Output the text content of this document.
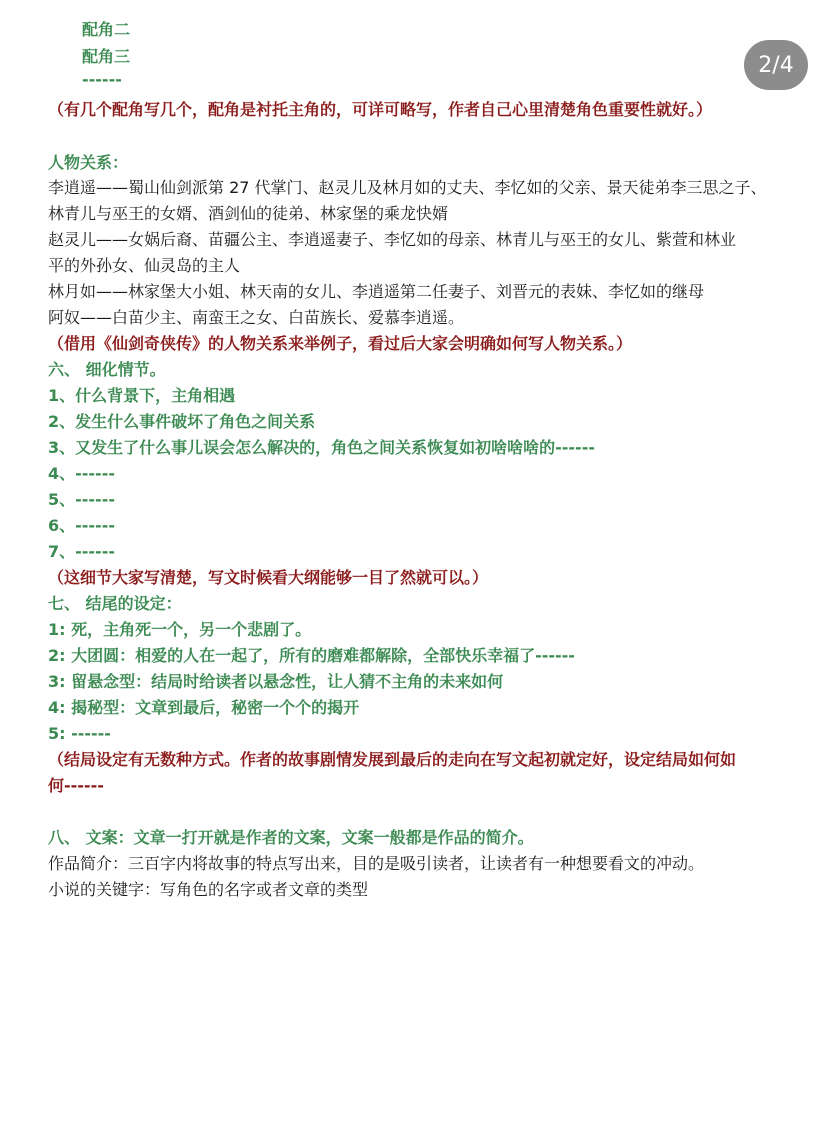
配角二
配角三
------
（有几个配角写几个，配角是衬托主角的，可详可略写，作者自己心里清楚角色重要性就好。）
人物关系：
李逍遥——蜀山仙剑派第 27 代掌门、赵灵儿及林月如的丈夫、李忆如的父亲、景天徒弟李三思之子、
林青儿与巫王的女婿、酒剑仙的徒弟、林家堡的乘龙快婿
赵灵儿——女娲后裔、苗疆公主、李逍遥妻子、李忆如的母亲、林青儿与巫王的女儿、紫萱和林业
平的外孙女、仙灵岛的主人
林月如——林家堡大小姐、林天南的女儿、李逍遥第二任妻子、刘晋元的表妹、李忆如的继母
阿奴——白苗少主、南蛮王之女、白苗族长、爱慕李逍遥。
（借用《仙剑奇侠传》的人物关系来举例子，看过后大家会明确如何写人物关系。）
六、 细化情节。
1、什么背景下，主角相遇
2、发生什么事件破坏了角色之间关系
3、又发生了什么事儿误会怎么解决的，角色之间关系恢复如初啥啥啥的------
4、------
5、------
6、------
7、------
（这细节大家写清楚，写文时候看大纲能够一目了然就可以。）
七、 结尾的设定：
1: 死，主角死一个，另一个悲剧了。
2: 大团圆：相爱的人在一起了，所有的磨难都解除，全部快乐幸福了------
3: 留悬念型：结局时给读者以悬念性，让人猜不主角的未来如何
4: 揭秘型：文章到最后，秘密一个个的揭开
5: ------
（结局设定有无数种方式。作者的故事剧情发展到最后的走向在写文起初就定好，设定结局如何如
何------
八、 文案：文章一打开就是作者的文案，文案一般都是作品的简介。
作品简介：三百字内将故事的特点写出来，目的是吸引读者，让读者有一种想要看文的冲动。
小说的关键字：写角色的名字或者文章的类型
2/4
